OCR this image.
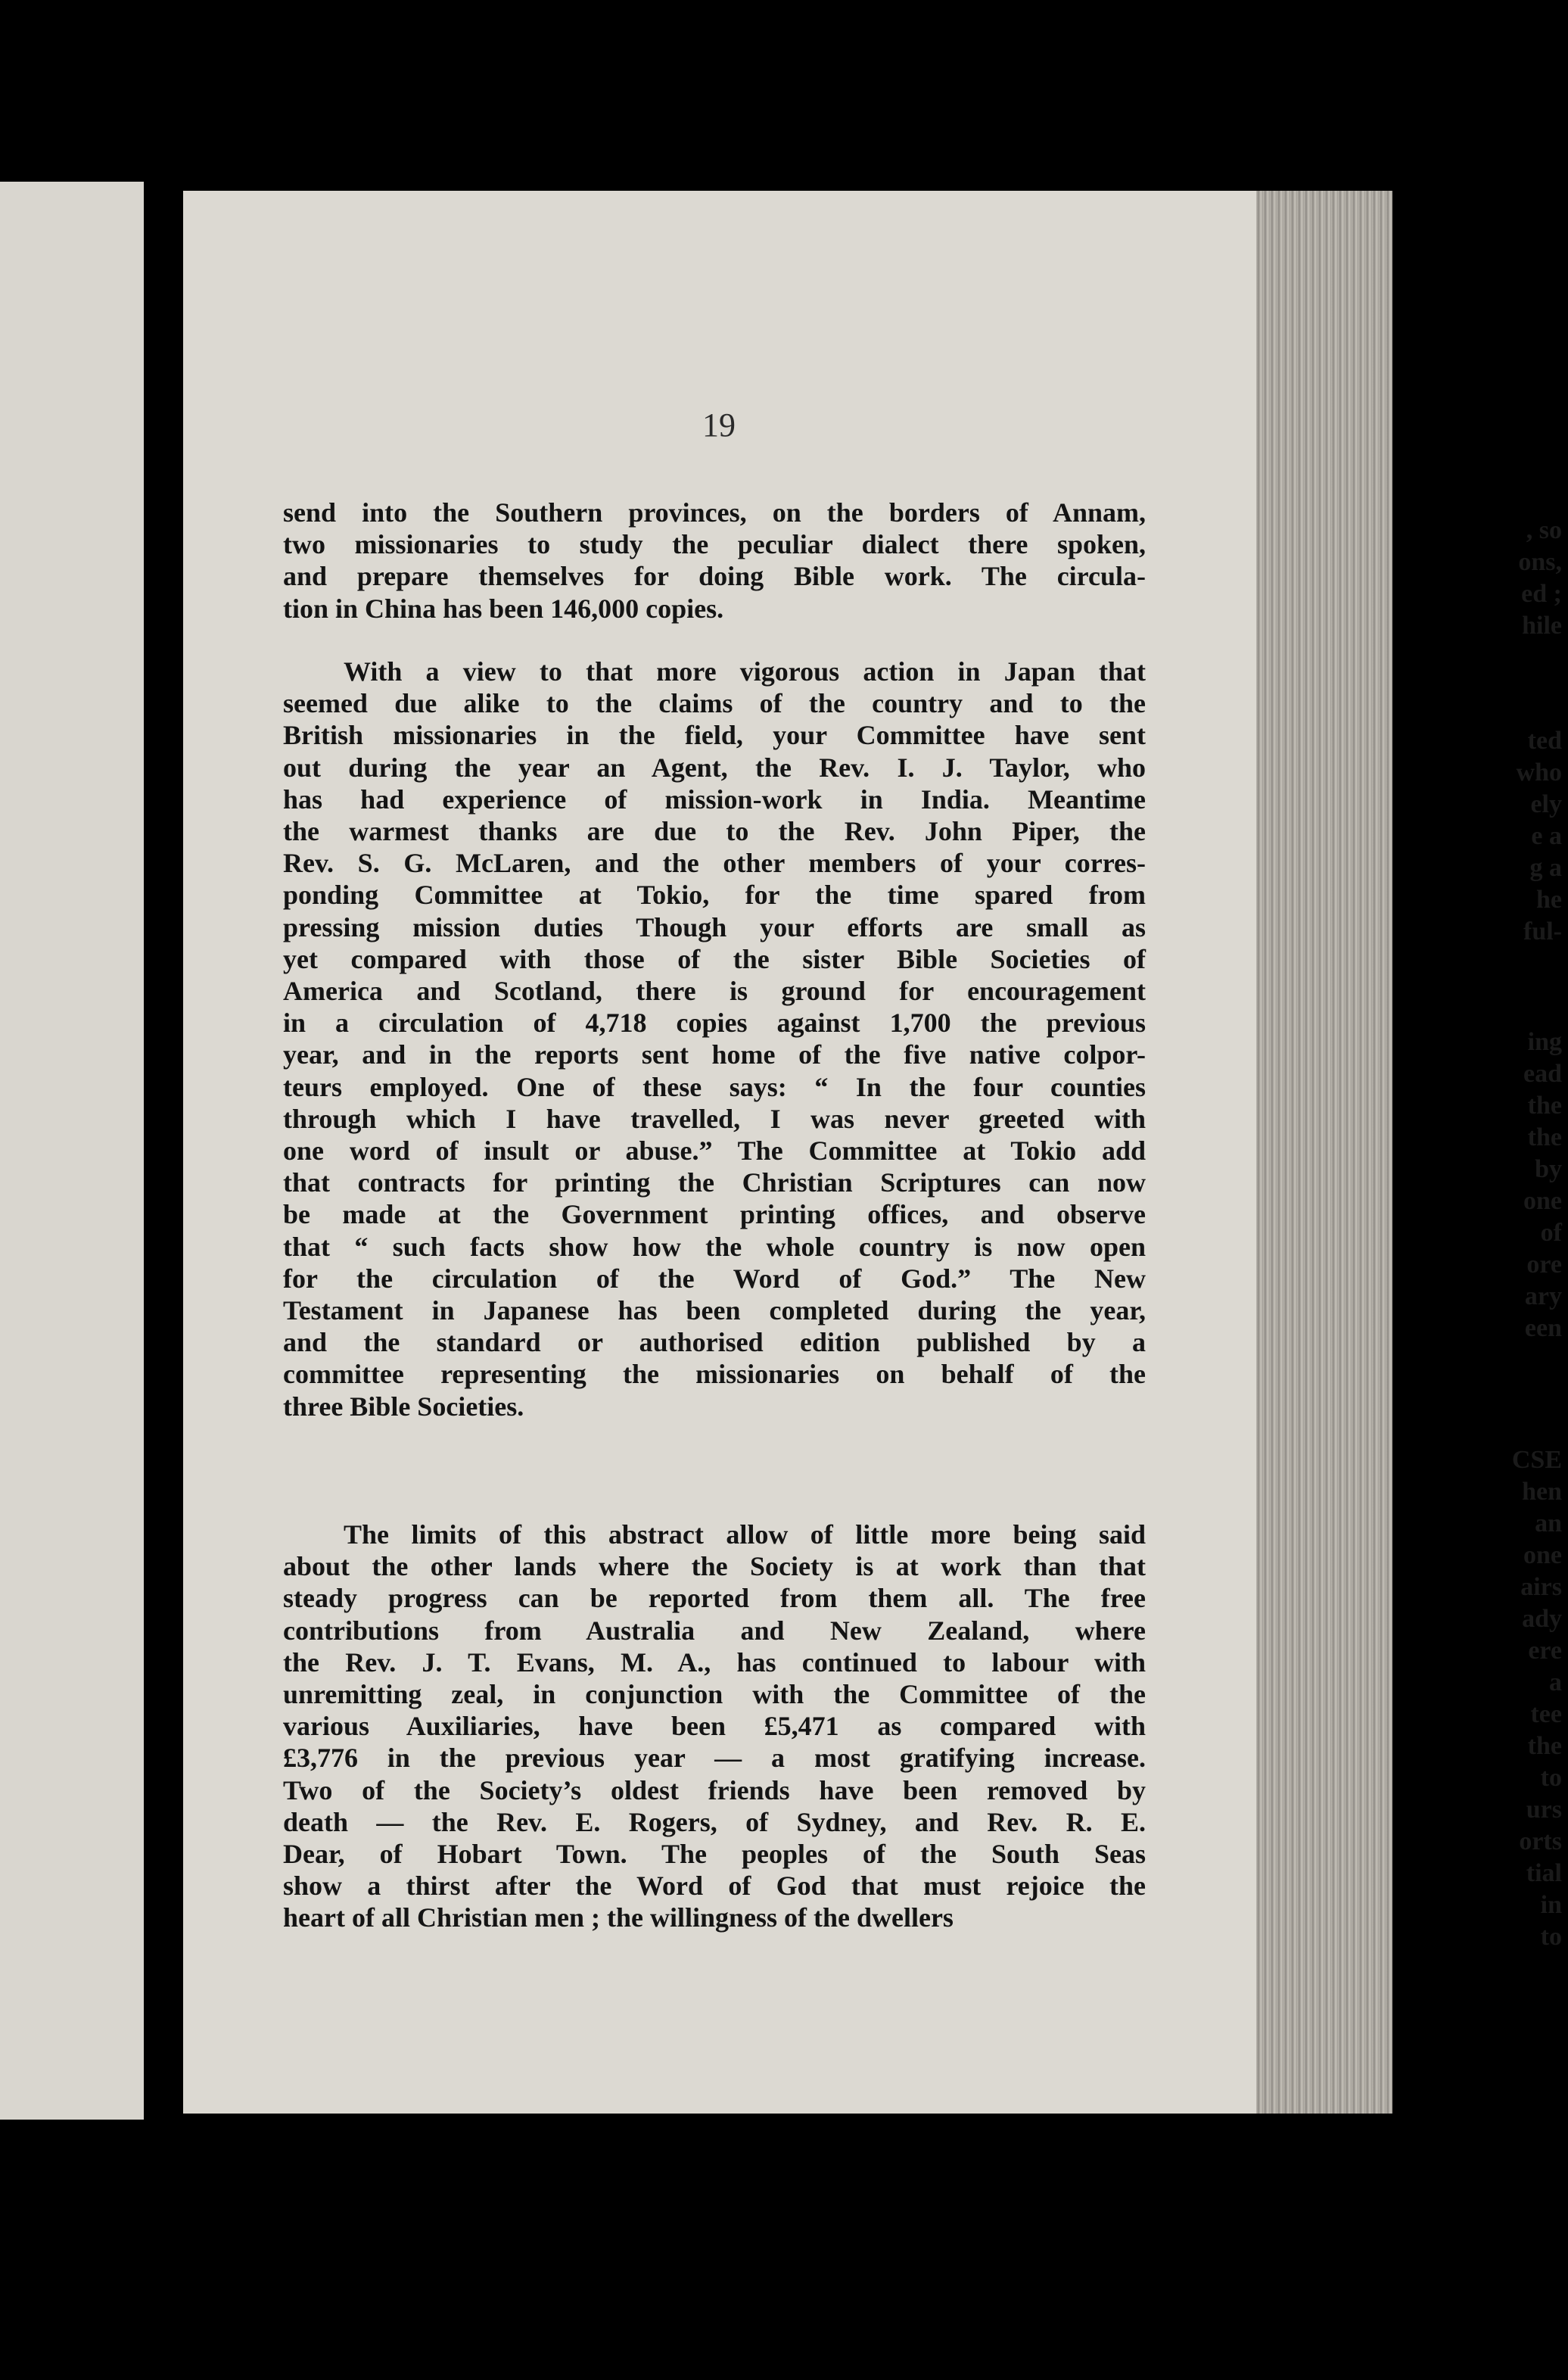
, so
ons,
ed ;
hile
ted
who
ely
e a
g a
he
ful-
ing
ead
the
the
by
one
of
ore
ary
een
CSE
hen
an
one
airs
ady
ere
a
tee
the
to
urs
orts
tial
in
to
19
send into the Southern provinces, on the borders of Annam,
two missionaries to study the peculiar dialect there spoken,
and prepare themselves for doing Bible work. The circula-
tion in China has been 146,000 copies.
With a view to that more vigorous action in Japan that
seemed due alike to the claims of the country and to the
British missionaries in the field, your Committee have sent
out during the year an Agent, the Rev. I. J. Taylor, who
has had experience of mission-work in India. Meantime
the warmest thanks are due to the Rev. John Piper, the
Rev. S. G. McLaren, and the other members of your corres-
ponding Committee at Tokio, for the time spared from
pressing mission duties Though your efforts are small as
yet compared with those of the sister Bible Societies of
America and Scotland, there is ground for encouragement
in a circulation of 4,718 copies against 1,700 the previous
year, and in the reports sent home of the five native colpor-
teurs employed. One of these says: “ In the four counties
through which I have travelled, I was never greeted with
one word of insult or abuse.” The Committee at Tokio add
that contracts for printing the Christian Scriptures can now
be made at the Government printing offices, and observe
that “ such facts show how the whole country is now open
for the circulation of the Word of God.” The New
Testament in Japanese has been completed during the year,
and the standard or authorised edition published by a
committee representing the missionaries on behalf of the
three Bible Societies.
The limits of this abstract allow of little more being said
about the other lands where the Society is at work than that
steady progress can be reported from them all. The free
contributions from Australia and New Zealand, where
the Rev. J. T. Evans, M. A., has continued to labour with
unremitting zeal, in conjunction with the Committee of the
various Auxiliaries, have been £5,471 as compared with
£3,776 in the previous year — a most gratifying increase.
Two of the Society’s oldest friends have been removed by
death — the Rev. E. Rogers, of Sydney, and Rev. R. E.
Dear, of Hobart Town. The peoples of the South Seas
show a thirst after the Word of God that must rejoice the
heart of all Christian men ; the willingness of the dwellers
